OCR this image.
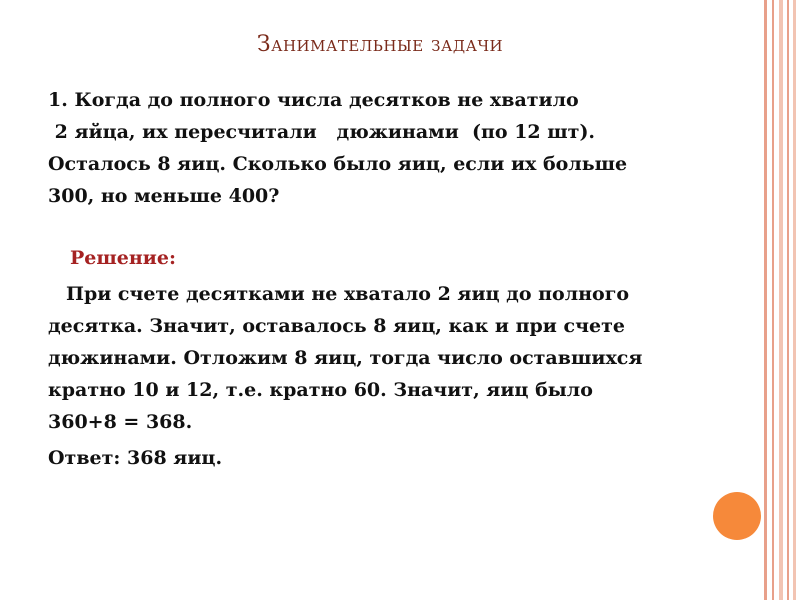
Занимательные задачи
1. Когда до полного числа десятков не хватило
2 яйца, их пересчитали   дюжинами  (по 12 шт).
Осталось 8 яиц. Сколько было яиц, если их больше
300, но меньше 400?
Решение:
При счете десятками не хватало 2 яиц до полного
десятка. Значит, оставалось 8 яиц, как и при счете
дюжинами. Отложим 8 яиц, тогда число оставшихся
кратно 10 и 12, т.е. кратно 60. Значит, яиц было
360+8 = 368.
Ответ: 368 яиц.
